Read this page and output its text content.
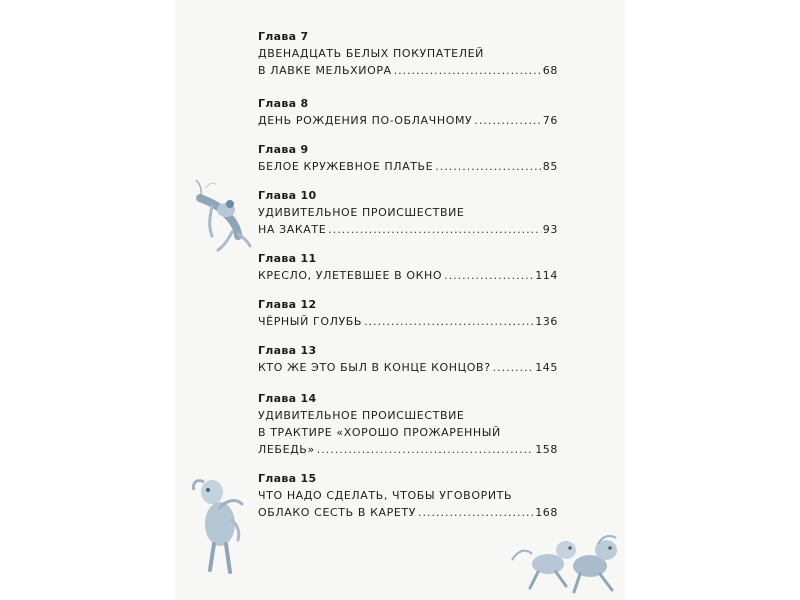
Глава 7
ДВЕНАДЦАТЬ БЕЛЫХ ПОКУПАТЕЛЕЙ
В ЛАВКЕ МЕЛЬХИОРА .....	68
Глава 8
ДЕНЬ РОЖДЕНИЯ ПО-ОБЛАЧНОМУ .....	76
Глава 9
БЕЛОЕ КРУЖЕВНОЕ ПЛАТЬЕ .....	85
Глава 10
УДИВИТЕЛЬНОЕ ПРОИСШЕСТВИЕ
НА ЗАКАТЕ .....	93
Глава 11
КРЕСЛО, УЛЕТЕВШЕЕ В ОКНО .....	114
Глава 12
ЧЁРНЫЙ ГОЛУБЬ .....	136
Глава 13
КТО ЖЕ ЭТО БЫЛ В КОНЦЕ КОНЦОВ? .....	145
Глава 14
УДИВИТЕЛЬНОЕ ПРОИСШЕСТВИЕ
В ТРАКТИРЕ «ХОРОШО ПРОЖАРЕННЫЙ
ЛЕБЕДЬ» .....	158
Глава 15
ЧТО НАДО СДЕЛАТЬ, ЧТОБЫ УГОВОРИТЬ
ОБЛАКО СЕСТЬ В КАРЕТУ .....	168
